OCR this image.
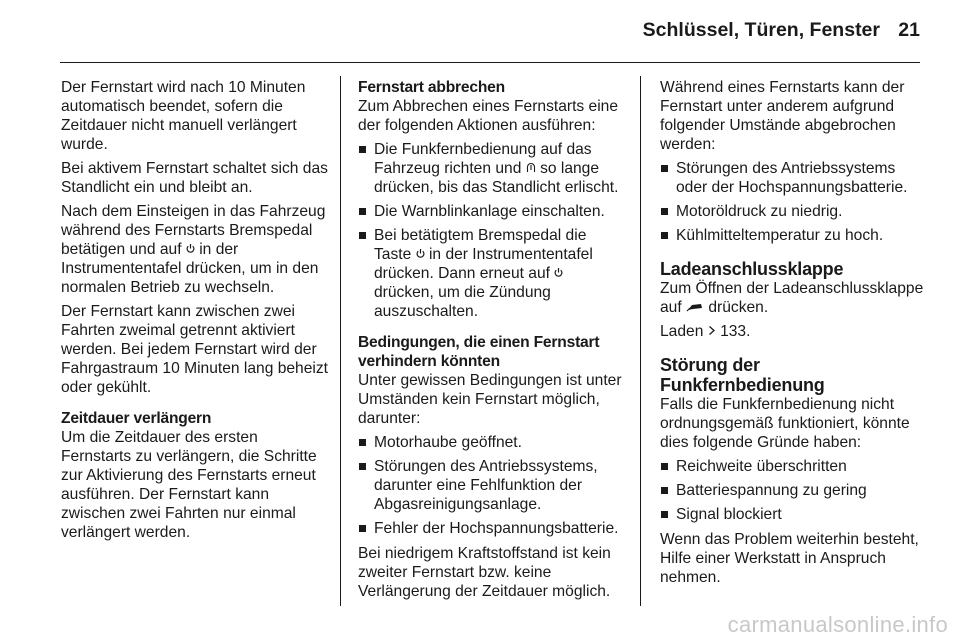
Schlüssel, Türen, Fenster 21

Der Fernstart wird nach 10 Minuten automatisch beendet, sofern die Zeitdauer nicht manuell verlängert wurde.

Bei aktivem Fernstart schaltet sich das Standlicht ein und bleibt an.

Nach dem Einsteigen in das Fahrzeug während des Fernstarts Bremspedal betätigen und auf in der Instrumententafel drücken, um in den normalen Betrieb zu wechseln.

Der Fernstart kann zwischen zwei Fahrten zweimal getrennt aktiviert werden. Bei jedem Fernstart wird der Fahrgastraum 10 Minuten lang beheizt oder gekühlt.

Zeitdauer verlängern

Um die Zeitdauer des ersten Fernstarts zu verlängern, die Schritte zur Aktivierung des Fernstarts erneut ausführen. Der Fernstart kann zwischen zwei Fahrten nur einmal verlängert werden.

Fernstart abbrechen

Zum Abbrechen eines Fernstarts eine der folgenden Aktionen ausführen:

Die Funkfernbedienung auf das Fahrzeug richten und so lange drücken, bis das Standlicht erlischt.
Die Warnblinkanlage einschalten.
Bei betätigtem Bremspedal die Taste in der Instrumententafel drücken. Dann erneut auf  drücken, um die Zündung auszuschalten.
Bedingungen, die einen Fernstart verhindern könnten

Unter gewissen Bedingungen ist unter Umständen kein Fernstart möglich, darunter:

Motorhaube geöffnet.
Störungen des Antriebssystems, darunter eine Fehlfunktion der Abgasreinigungsanlage.
Fehler der Hochspannungsbatterie.

Bei niedrigem Kraftstoffstand ist kein zweiter Fernstart bzw. keine Verlängerung der Zeitdauer möglich.

Während eines Fernstarts kann der Fernstart unter anderem aufgrund folgender Umstände abgebrochen werden:

Störungen des Antriebssystems oder der Hochspannungsbatterie.
Motoröldruck zu niedrig.
Kühlmitteltemperatur zu hoch.
Ladeanschlussklappe

Zum Öffnen der Ladeanschlussklappe auf drücken.

Laden 133.

Störung der Funkfernbedienung

Falls die Funkfernbedienung nicht ordnungsgemäß funktioniert, könnte dies folgende Gründe haben:

Reichweite überschritten
Batteriespannung zu gering
Signal blockiert

Wenn das Problem weiterhin besteht, Hilfe einer Werkstatt in Anspruch nehmen.

carmanualsonline.info
